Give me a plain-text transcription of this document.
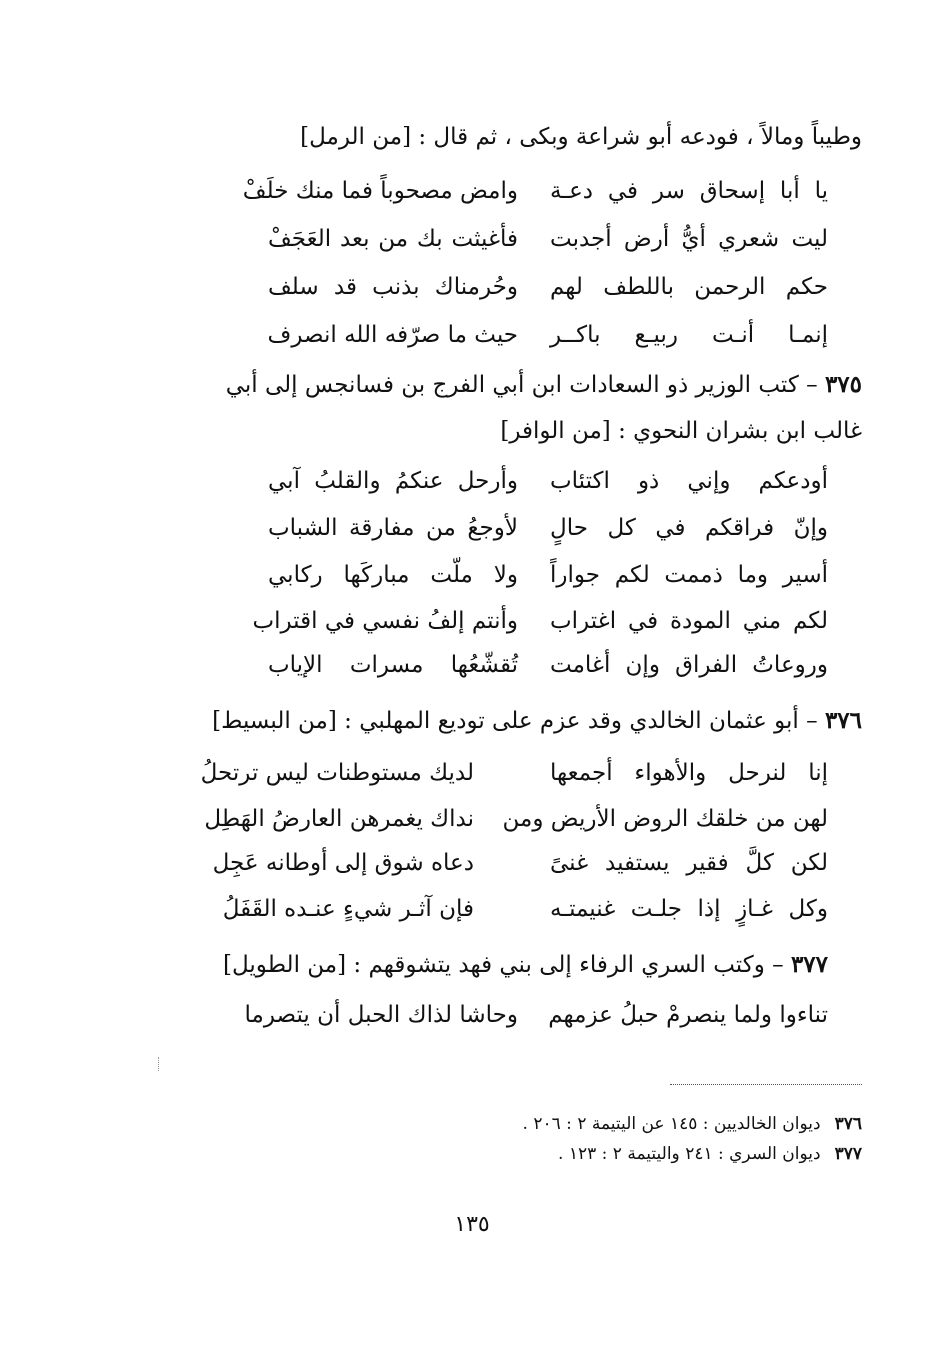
وطيباً ومالاً ، فودعه أبو شراعة وبكى ، ثم قال : [من الرمل]
يا أبا إسحاق سر في دعـة
وامض مصحوباً فما منك خلَفْ
ليت شعري أيُّ أرض أجدبت
فأغيثت بك من بعد العَجَفْ
حكم الرحمن باللطف لهم
وحُرمناك بذنب قد سلف
إنمـا أنـت ربيـع باكــر
حيث ما صرّفه الله انصرف
٣٧٥ – كتب الوزير ذو السعادات ابن أبي الفرج بن فسانجس إلى أبي
غالب ابن بشران النحوي : [من الوافر]
أودعكم وإني ذو اكتئاب
وأرحل عنكمُ والقلبُ آبي
وإنّ فراقكم في كل حالٍ
لأوجعُ من مفارقة الشباب
أسير وما ذممت لكم جواراً
ولا ملّت مباركَها ركابي
لكم مني المودة في اغتراب
وأنتم إلفُ نفسي في اقتراب
وروعاتُ الفراق وإن أغامت
تُقشّعُها مسرات الإياب
٣٧٦ – أبو عثمان الخالدي وقد عزم على توديع المهلبي : [من البسيط]
إنا لنرحل والأهواء أجمعها
لديك مستوطنات ليس ترتحلُ
لهن من خلقك الروض الأريض ومن
نداك يغمرهن العارضُ الهَطِل
لكن كلَّ فقير يستفيد غنىً
دعاه شوق إلى أوطانه عَجِل
وكل غـازٍ إذا جلـت غنيمتـه
فإن آثـر شيءٍ عنـده القَفَلُ
٣٧٧ – وكتب السري الرفاء إلى بني فهد يتشوقهم : [من الطويل]
تناءوا ولما ينصرمْ حبلُ عزمهم
وحاشا لذاك الحبل أن يتصرما
٣٧٦ديوان الخالديين : ١٤٥ عن اليتيمة ٢ : ٢٠٦ .
٣٧٧ديوان السري : ٢٤١ واليتيمة ٢ : ١٢٣ .
١٣٥
